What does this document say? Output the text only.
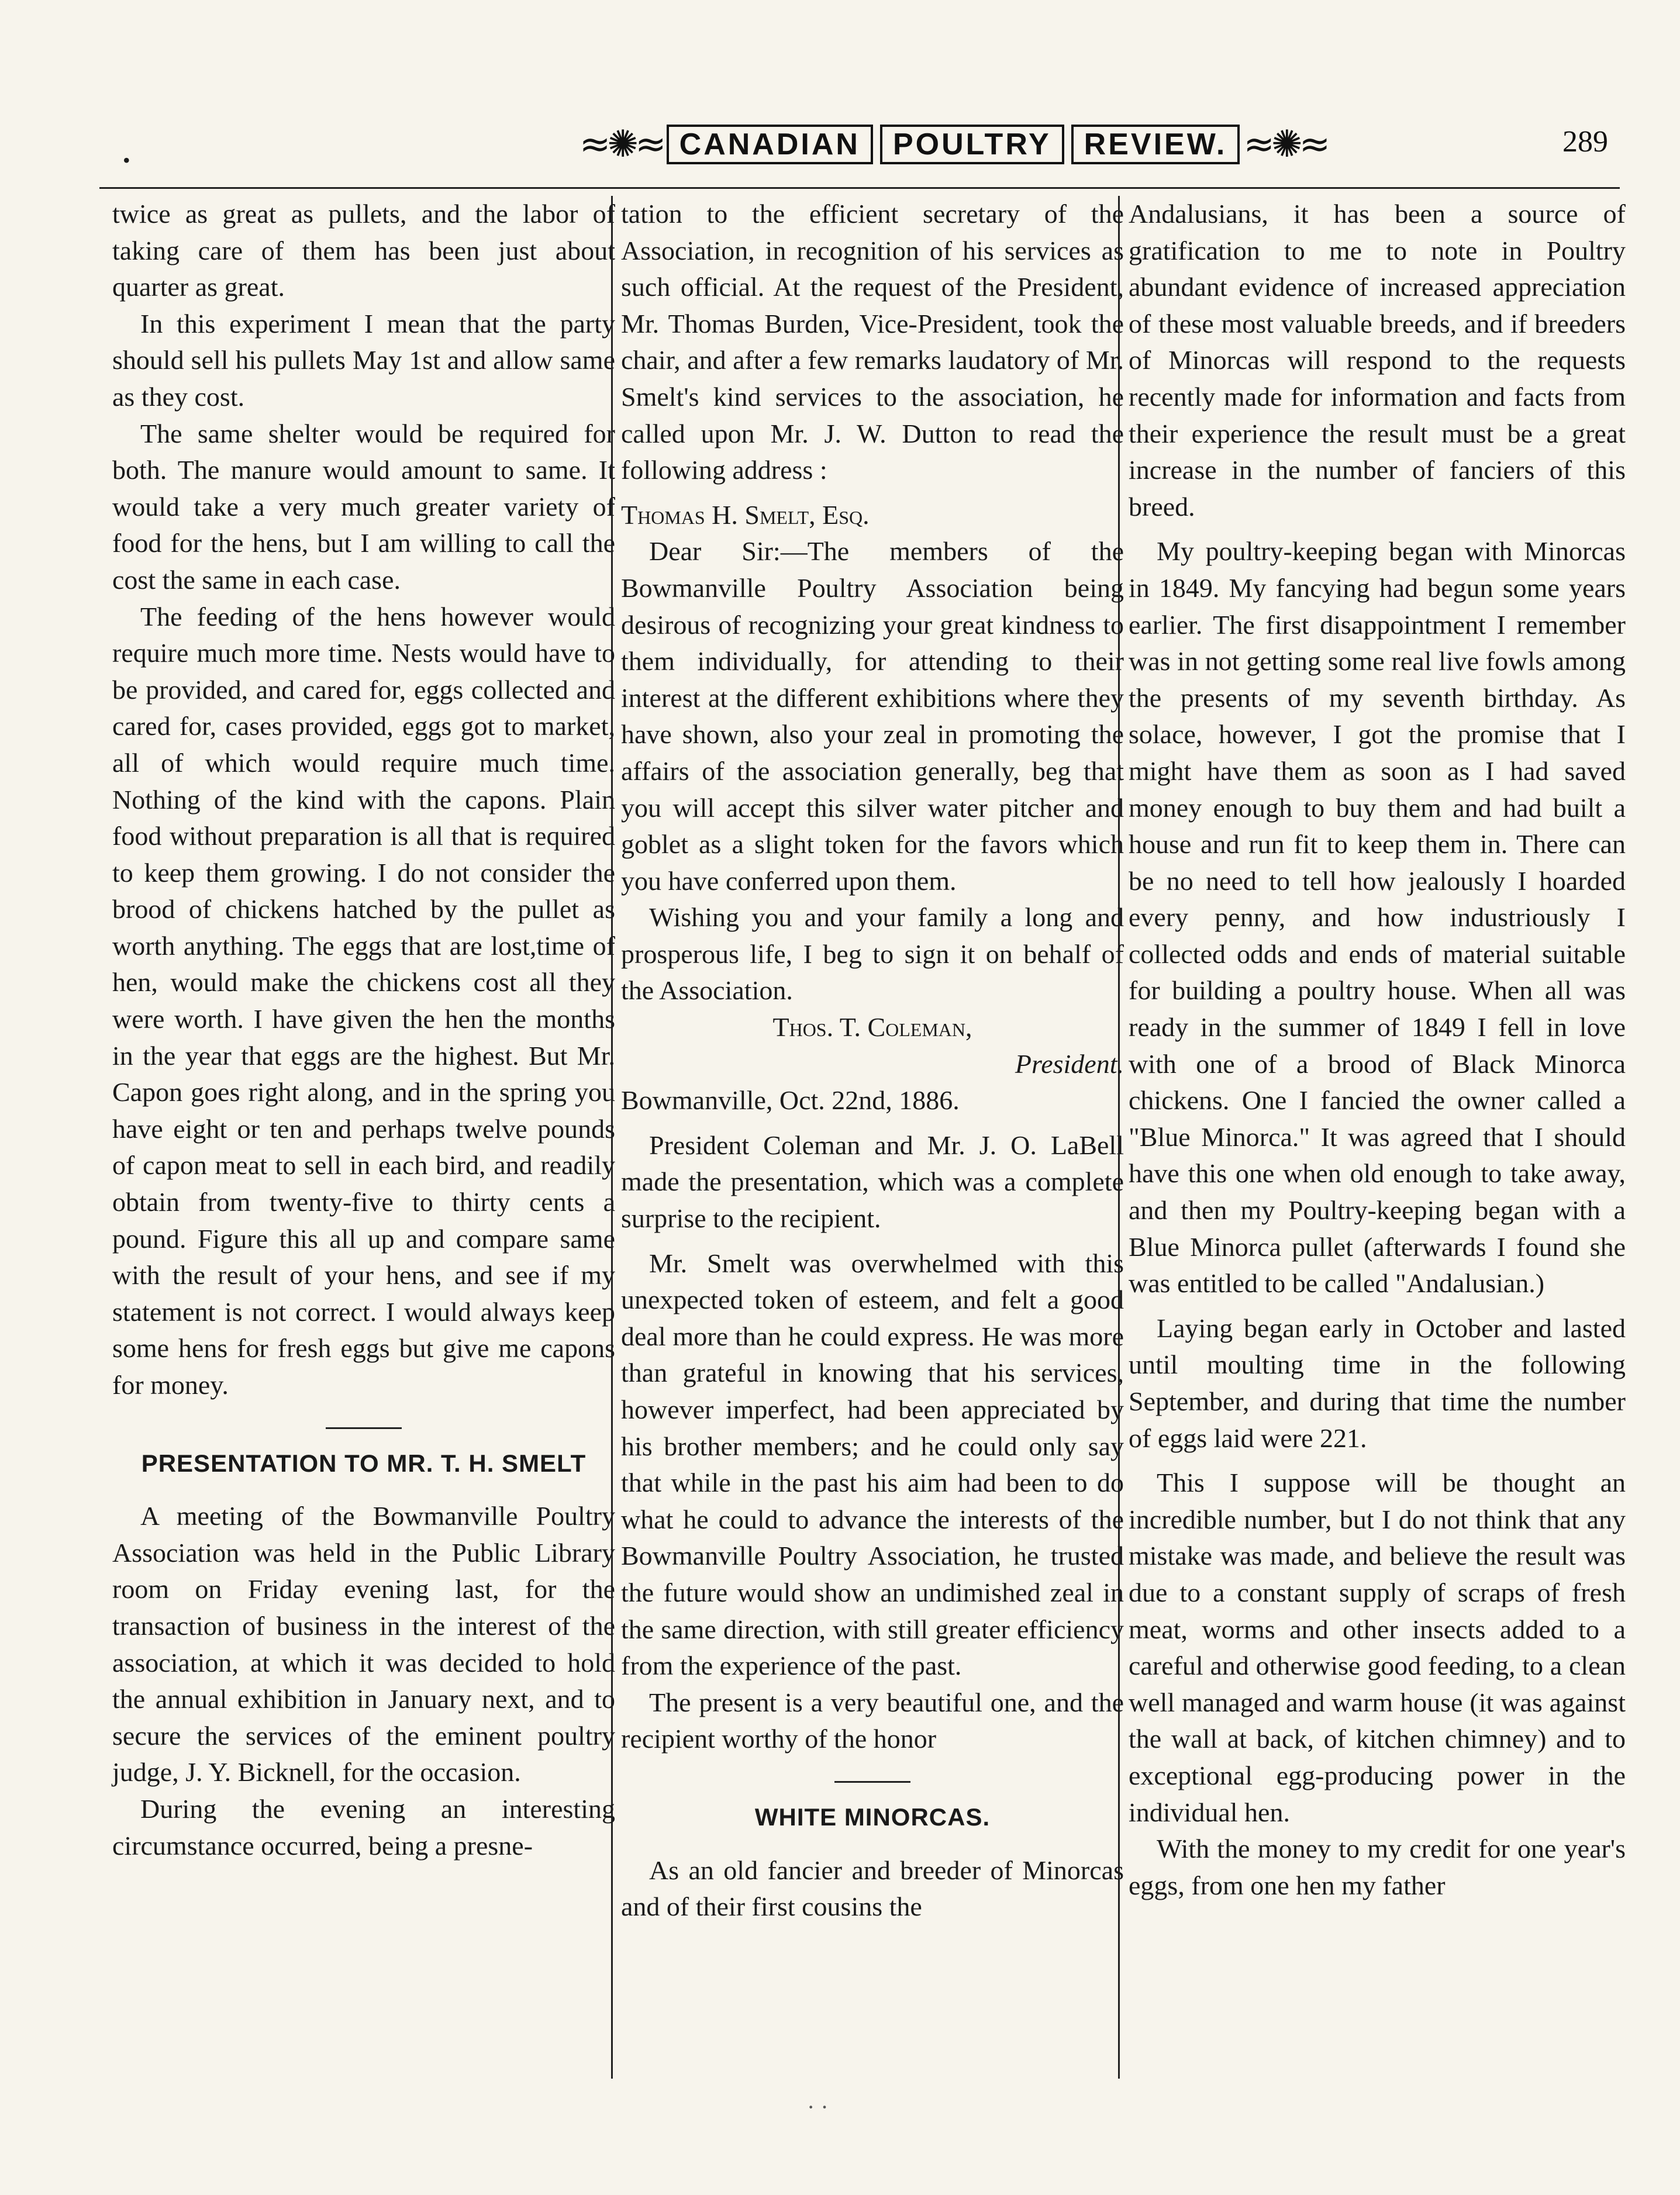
•	≈✺≈ CANADIAN	POULTRY	REVIEW. ≈✺≈	289

twice as great as pullets, and the labor of taking care of them has been just about quarter as great.

In this experiment I mean that the party should sell his pullets May 1st and allow same as they cost.

The same shelter would be required for both. The manure would amount to same. It would take a very much greater variety of food for the hens, but I am willing to call the cost the same in each case.

The feeding of the hens however would require much more time. Nests would have to be provided, and cared for, eggs collected and cared for, cases provided, eggs got to market, all of which would require much time. Nothing of the kind with the capons. Plain food without preparation is all that is required to keep them growing. I do not consider the brood of chickens hatched by the pullet as worth anything. The eggs that are lost,time of hen, would make the chickens cost all they were worth. I have given the hen the months in the year that eggs are the highest. But Mr. Capon goes right along, and in the spring you have eight or ten and perhaps twelve pounds of capon meat to sell in each bird, and readily obtain from twenty-five to thirty cents a pound. Figure this all up and compare same with the result of your hens, and see if my statement is not correct. I would always keep some hens for fresh eggs but give me capons for money.

PRESENTATION TO MR. T. H. SMELT

A meeting of the Bowmanville Poultry Association was held in the Public Library room on Friday evening last, for the transaction of business in the interest of the association, at which it was decided to hold the annual exhibition in January next, and to secure the services of the eminent poultry judge, J. Y. Bicknell, for the occasion.

During the evening an interesting circumstance occurred, being a presne-

tation to the efficient secretary of the Association, in recognition of his services as such official. At the request of the President, Mr. Thomas Burden, Vice-President, took the chair, and after a few remarks laudatory of Mr. Smelt's kind services to the association, he called upon Mr. J. W. Dutton to read the following address :

Thomas H. Smelt, Esq.

Dear Sir:—The members of the Bowmanville Poultry Association being desirous of recognizing your great kindness to them individually, for attending to their interest at the different exhibitions where they have shown, also your zeal in promoting the affairs of the association generally, beg that you will accept this silver water pitcher and goblet as a slight token for the favors which you have conferred upon them.

Wishing you and your family a long and prosperous life, I beg to sign it on behalf of the Association.

Thos. T. Coleman,

President.

Bowmanville, Oct. 22nd, 1886.

President Coleman and Mr. J. O. LaBell made the presentation, which was a complete surprise to the recipient.

Mr. Smelt was overwhelmed with this unexpected token of esteem, and felt a good deal more than he could express. He was more than grateful in knowing that his services, however imperfect, had been appreciated by his brother members; and he could only say that while in the past his aim had been to do what he could to advance the interests of the Bowmanville Poultry Association, he trusted the future would show an undimished zeal in the same direction, with still greater efficiency from the experience of the past.

The present is a very beautiful one, and the recipient worthy of the honor

WHITE MINORCAS.

As an old fancier and breeder of Minorcas and of their first cousins the

Andalusians, it has been a source of gratification to me to note in Poultry abundant evidence of increased appreciation of these most valuable breeds, and if breeders of Minorcas will respond to the requests recently made for information and facts from their experience the result must be a great increase in the number of fanciers of this breed.

My poultry-keeping began with Minorcas in 1849. My fancying had begun some years earlier. The first disappointment I remember was in not getting some real live fowls among the presents of my seventh birthday. As solace, however, I got the promise that I might have them as soon as I had saved money enough to buy them and had built a house and run fit to keep them in. There can be no need to tell how jealously I hoarded every penny, and how industriously I collected odds and ends of material suitable for building a poultry house. When all was ready in the summer of 1849 I fell in love with one of a brood of Black Minorca chickens. One I fancied the owner called a "Blue Minorca." It was agreed that I should have this one when old enough to take away, and then my Poultry-keeping began with a Blue Minorca pullet (afterwards I found she was entitled to be called "Andalusian.)

Laying began early in October and lasted until moulting time in the following September, and during that time the number of eggs laid were 221.

This I suppose will be thought an incredible number, but I do not think that any mistake was made, and believe the result was due to a constant supply of scraps of fresh meat, worms and other insects added to a careful and otherwise good feeding, to a clean well managed and warm house (it was against the wall at back, of kitchen chimney) and to exceptional egg-producing power in the individual hen.

With the money to my credit for one year's eggs, from one hen my father

· ·
